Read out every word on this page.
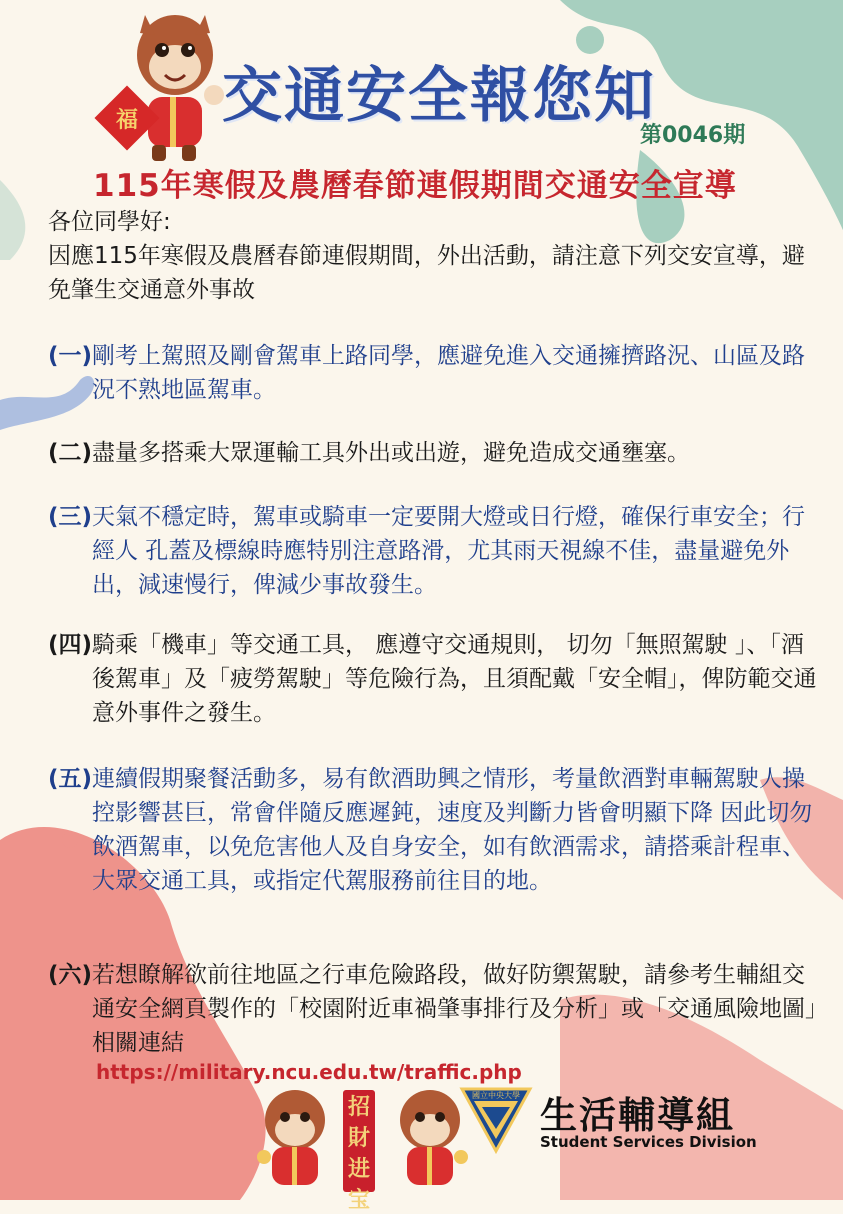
福 交通安全報您知
第0046期
115年寒假及農曆春節連假期間交通安全宣導
各位同學好:
因應115年寒假及農曆春節連假期間，外出活動，請注意下列交安宣導，避免肇生交通意外事故
(一) 剛考上駕照及剛會駕車上路同學，應避免進入交通擁擠路況、山區及路況不熟地區駕車。
(二) 盡量多搭乘大眾運輸工具外出或出遊，避免造成交通壅塞。
(三) 天氣不穩定時，駕車或騎車一定要開大燈或日行燈，確保行車安全；行經人 孔蓋及標線時應特別注意路滑，尤其雨天視線不佳，盡量避免外出，減速慢行，俾減少事故發生。
(四) 騎乘「機車」等交通工具， 應遵守交通規則， 切勿「無照駕駛 」、「酒後駕車」及「疲勞駕駛」等危險行為，且須配戴「安全帽」，俾防範交通意外事件之發生。
(五) 連續假期聚餐活動多，易有飲酒助興之情形，考量飲酒對車輛駕駛人操控影響甚巨，常會伴隨反應遲鈍，速度及判斷力皆會明顯下降 因此切勿飲酒駕車，以免危害他人及自身安全，如有飲酒需求，請搭乘計程車、大眾交通工具，或指定代駕服務前往目的地。
(六) 若想瞭解欲前往地區之行車危險路段，做好防禦駕駛，請參考生輔組交通安全網頁製作的「校園附近車禍肇事排行及分析」或「交通風險地圖」相關連結
https://military.ncu.edu.tw/traffic.php
招
財
进
宝
國立中央大學 生活輔導組
Student Services Division
